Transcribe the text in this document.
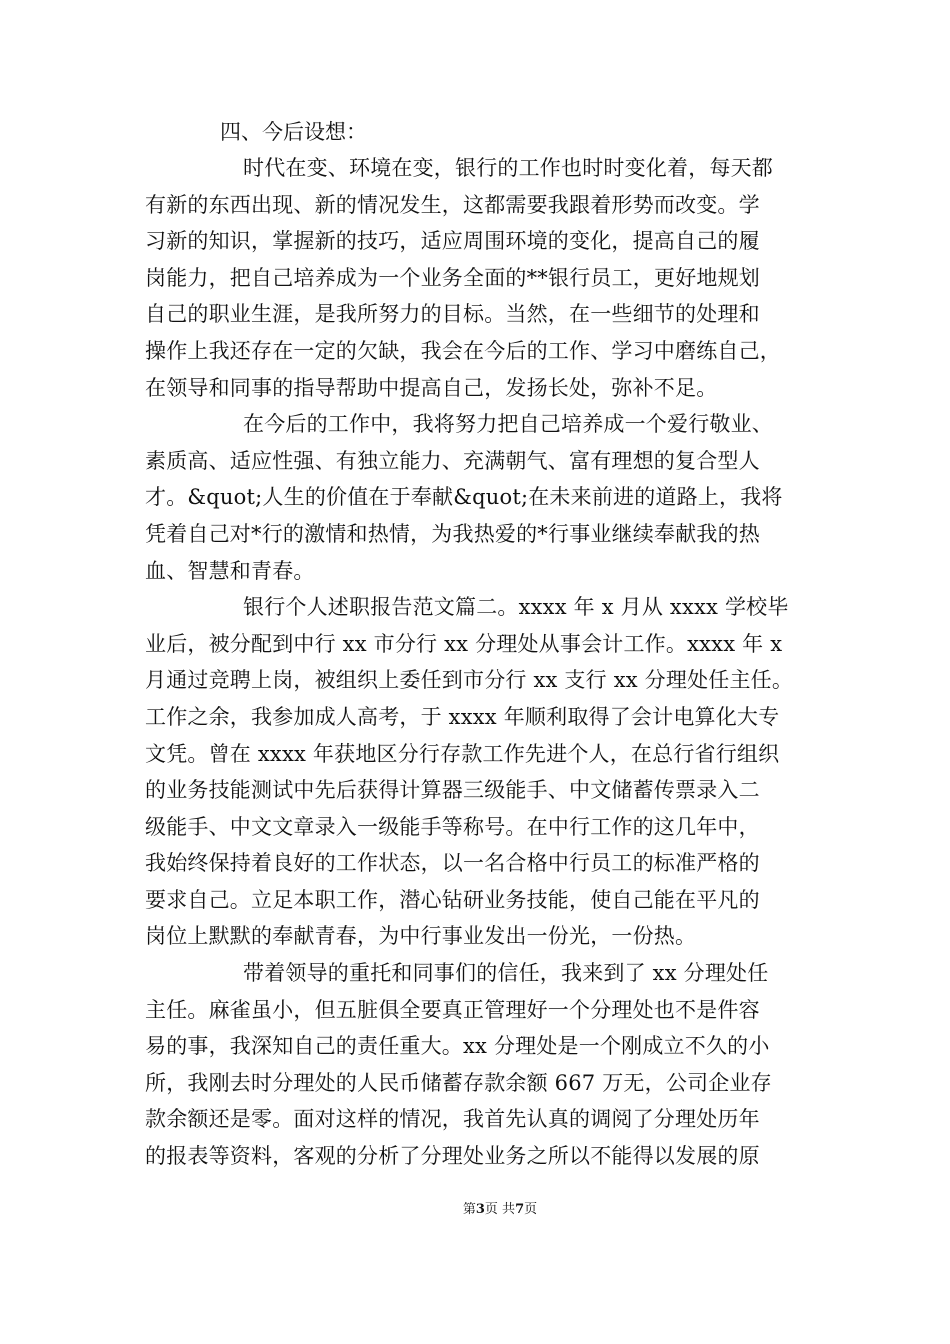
四、今后设想：

时代在变、环境在变，银行的工作也时时变化着，每天都
有新的东西出现、新的情况发生，这都需要我跟着形势而改变。学
习新的知识，掌握新的技巧，适应周围环境的变化，提高自己的履
岗能力，把自己培养成为一个业务全面的**银行员工，更好地规划
自己的职业生涯，是我所努力的目标。当然，在一些细节的处理和
操作上我还存在一定的欠缺，我会在今后的工作、学习中磨练自己，
在领导和同事的指导帮助中提高自己，发扬长处，弥补不足。
在今后的工作中，我将努力把自己培养成一个爱行敬业、
素质高、适应性强、有独立能力、充满朝气、富有理想的复合型人
才。&quot;人生的价值在于奉献&quot;在未来前进的道路上，我将
凭着自己对*行的激情和热情，为我热爱的*行事业继续奉献我的热
血、智慧和青春。
银行个人述职报告范文篇二。xxxx 年 x 月从 xxxx 学校毕
业后，被分配到中行 xx 市分行 xx 分理处从事会计工作。xxxx 年 x
月通过竞聘上岗，被组织上委任到市分行 xx 支行 xx 分理处任主任。
工作之余，我参加成人高考，于 xxxx 年顺利取得了会计电算化大专
文凭。曾在 xxxx 年获地区分行存款工作先进个人，在总行省行组织
的业务技能测试中先后获得计算器三级能手、中文储蓄传票录入二
级能手、中文文章录入一级能手等称号。在中行工作的这几年中，
我始终保持着良好的工作状态，以一名合格中行员工的标准严格的
要求自己。立足本职工作，潜心钻研业务技能，使自己能在平凡的
岗位上默默的奉献青春，为中行事业发出一份光，一份热。
带着领导的重托和同事们的信任，我来到了 xx 分理处任
主任。麻雀虽小，但五脏俱全要真正管理好一个分理处也不是件容
易的事，我深知自己的责任重大。xx 分理处是一个刚成立不久的小
所，我刚去时分理处的人民币储蓄存款余额 667 万无，公司企业存
款余额还是零。面对这样的情况，我首先认真的调阅了分理处历年
的报表等资料，客观的分析了分理处业务之所以不能得以发展的原
第3页 共7页
